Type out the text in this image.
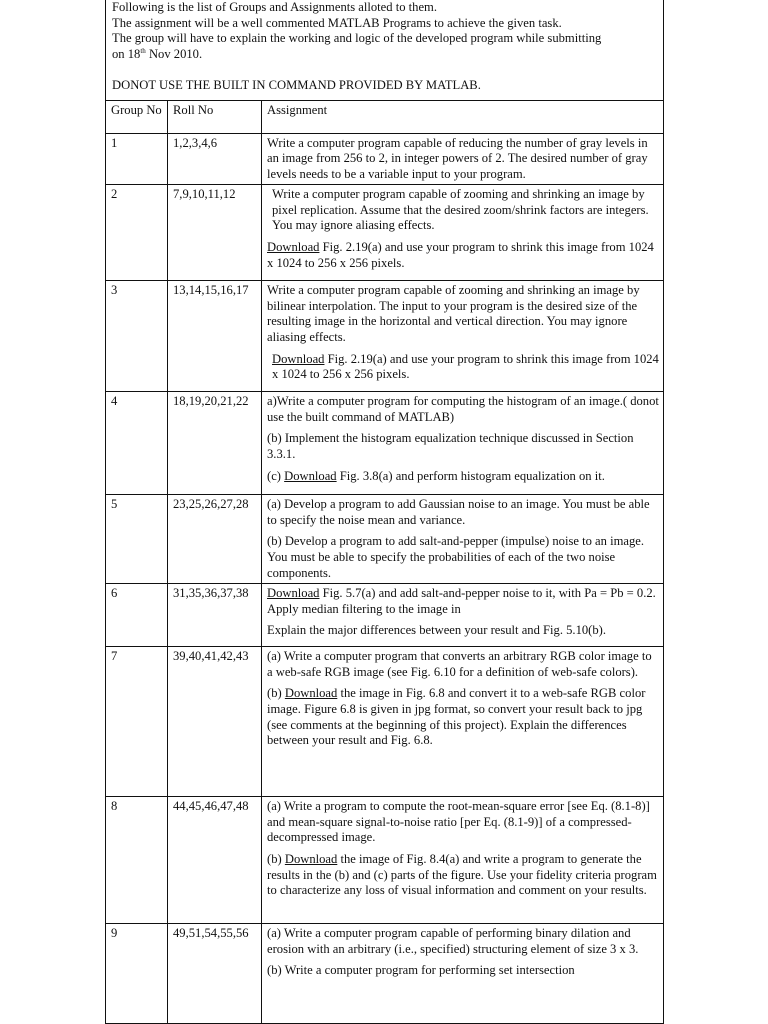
Following is the list of Groups and Assignments alloted to them.

The assignment will be a well commented MATLAB Programs to achieve the given task.

The group will have to explain the working and logic of the developed program while submitting

on 18th Nov 2010.

DONOT USE THE BUILT IN COMMAND PROVIDED BY MATLAB.

Group No	Roll No	Assignment
1	1,2,3,4,6	Write a computer program capable of reducing the number of gray levels in an image from 256 to 2, in integer powers of 2. The desired number of gray levels needs to be a variable input to your program.

2	7,9,10,11,12	Write a computer program capable of zooming and shrinking an image by pixel replication. Assume that the desired zoom/shrink factors are integers. You may ignore aliasing effects.

Download Fig. 2.19(a) and use your program to shrink this image from 1024 x 1024 to 256 x 256 pixels.

3	13,14,15,16,17	Write a computer program capable of zooming and shrinking an image by bilinear interpolation. The input to your program is the desired size of the resulting image in the horizontal and vertical direction. You may ignore aliasing effects.

Download Fig. 2.19(a) and use your program to shrink this image from 1024 x 1024 to 256 x 256 pixels.

4	18,19,20,21,22	a)Write a computer program for computing the histogram of an image.( donot use the built command of MATLAB)

(b) Implement the histogram equalization technique discussed in Section 3.3.1.

(c) Download Fig. 3.8(a) and perform histogram equalization on it.

5	23,25,26,27,28	(a) Develop a program to add Gaussian noise to an image. You must be able to specify the noise mean and variance.

(b) Develop a program to add salt-and-pepper (impulse) noise to an image. You must be able to specify the probabilities of each of the two noise components.

6	31,35,36,37,38	Download Fig. 5.7(a) and add salt-and-pepper noise to it, with Pa = Pb = 0.2. Apply median filtering to the image in

Explain the major differences between your result and Fig. 5.10(b).

7	39,40,41,42,43	(a) Write a computer program that converts an arbitrary RGB color image to a web-safe RGB image (see Fig. 6.10 for a definition of web-safe colors).

(b) Download the image in Fig. 6.8 and convert it to a web-safe RGB color image. Figure 6.8 is given in jpg format, so convert your result back to jpg (see comments at the beginning of this project). Explain the differences between your result and Fig. 6.8.

8	44,45,46,47,48	(a) Write a program to compute the root-mean-square error [see Eq. (8.1-8)] and mean-square signal-to-noise ratio [per Eq. (8.1-9)] of a compressed- decompressed image.

(b) Download the image of Fig. 8.4(a) and write a program to generate the results in the (b) and (c) parts of the figure. Use your fidelity criteria program to characterize any loss of visual information and comment on your results.

9	49,51,54,55,56	(a) Write a computer program capable of performing binary dilation and erosion with an arbitrary (i.e., specified) structuring element of size 3 x 3.

(b) Write a computer program for performing set intersection
